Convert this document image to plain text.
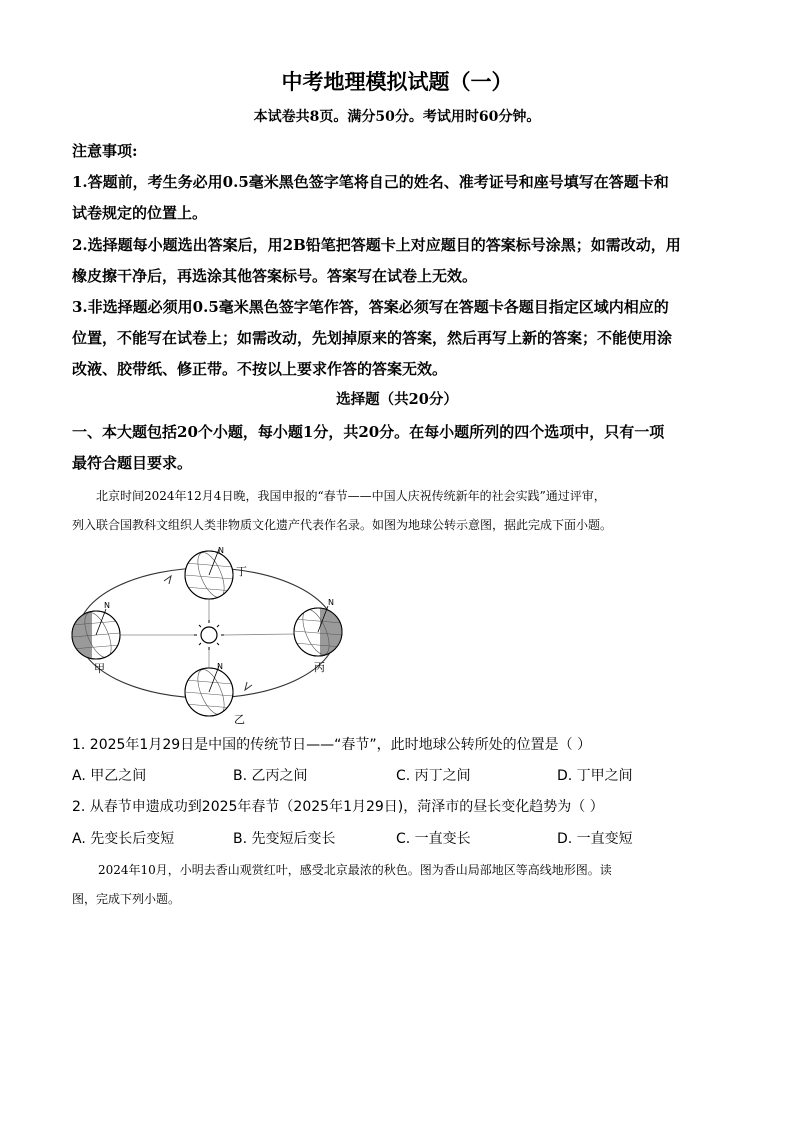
中考地理模拟试题（一）
本试卷共8页。满分50分。考试用时60分钟。
注意事项:
1.答题前，考生务必用0.5毫米黑色签字笔将自己的姓名、准考证号和座号填写在答题卡和
试卷规定的位置上。
2.选择题每小题选出答案后，用2B铅笔把答题卡上对应题目的答案标号涂黑；如需改动，用
橡皮擦干净后，再选涂其他答案标号。答案写在试卷上无效。
3.非选择题必须用0.5毫米黑色签字笔作答，答案必须写在答题卡各题目指定区域内相应的
位置，不能写在试卷上；如需改动，先划掉原来的答案，然后再写上新的答案；不能使用涂
改液、胶带纸、修正带。不按以上要求作答的答案无效。
选择题（共20分）
一、本大题包括20个小题，每小题1分，共20分。在每小题所列的四个选项中，只有一项
最符合题目要求。
北京时间2024年12月4日晚，我国申报的“春节——中国人庆祝传统新年的社会实践”通过评审，
列入联合国教科文组织人类非物质文化遗产代表作名录。如图为地球公转示意图，据此完成下面小题。
N
甲
N
丙
N
丁
N
乙
1. 2025年1月29日是中国的传统节日——“春节”，此时地球公转所处的位置是（ ）
A. 甲乙之间	B. 乙丙之间	C. 丙丁之间	D. 丁甲之间
2. 从春节申遗成功到2025年春节（2025年1月29日)，菏泽市的昼长变化趋势为（ ）
A. 先变长后变短	B. 先变短后变长	C. 一直变长	D. 一直变短
2024年10月，小明去香山观赏红叶，感受北京最浓的秋色。图为香山局部地区等高线地形图。读
图，完成下列小题。
